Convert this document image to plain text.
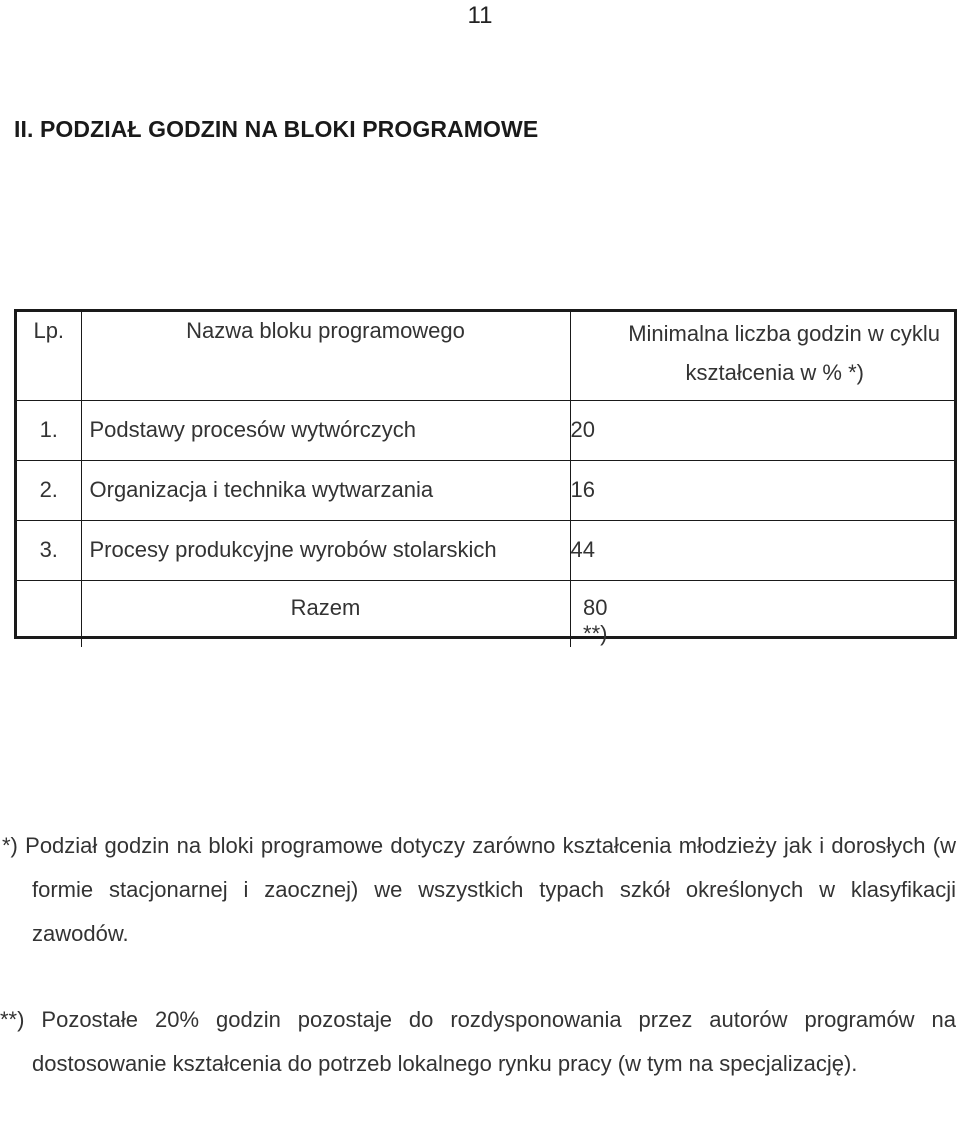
11
II. PODZIAŁ GODZIN NA BLOKI PROGRAMOWE
Lp.	Nazwa bloku programowego	Minimalna liczba godzin w cyklu
kształcenia w % *)

1.	Podstawy procesów wytwórczych	20
2.	Organizacja i technika wytwarzania	16
3.	Procesy produkcyjne wyrobów stolarskich	44
	Razem	80 **)
*) Podział godzin na bloki programowe dotyczy zarówno kształcenia młodzieży jak i dorosłych (w formie stacjonarnej i zaocznej) we wszystkich typach szkół określonych w klasyfikacji zawodów.
**) Pozostałe 20% godzin pozostaje do rozdysponowania przez autorów programów na dostosowanie kształcenia do potrzeb lokalnego rynku pracy (w tym na specjalizację).
